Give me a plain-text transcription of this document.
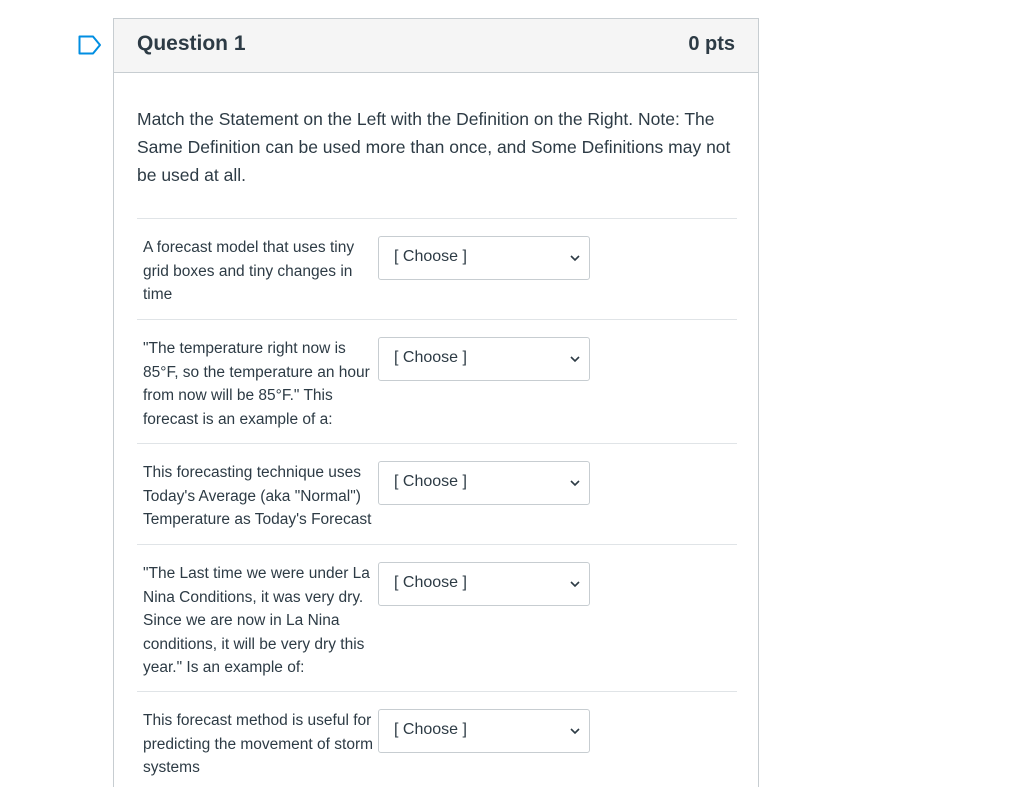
Question 1	0 pts
Match the Statement on the Left with the Definition on the Right. Note: The Same Definition can be used more than once, and Some Definitions may not be used at all.
A forecast model that uses tiny grid boxes and tiny changes in time
[ Choose ]
"The temperature right now is 85°F, so the temperature an hour from now will be 85°F." This forecast is an example of a:
[ Choose ]
This forecasting technique uses Today's Average (aka "Normal") Temperature as Today's Forecast
[ Choose ]
"The Last time we were under La Nina Conditions, it was very dry. Since we are now in La Nina conditions, it will be very dry this year." Is an example of:
[ Choose ]
This forecast method is useful for predicting the movement of storm systems
[ Choose ]
